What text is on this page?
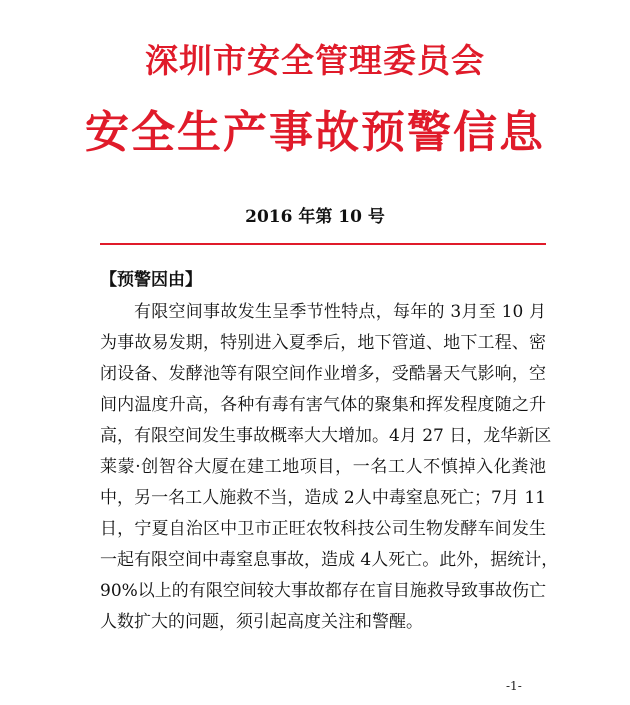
深圳市安全管理委员会
安全生产事故预警信息
2016 年第 10 号
【预警因由】
有限空间事故发生呈季节性特点，每年的 3月至 10 月
为事故易发期，特别进入夏季后，地下管道、地下工程、密
闭设备、发酵池等有限空间作业增多，受酷暑天气影响，空
间内温度升高，各种有毒有害气体的聚集和挥发程度随之升
高，有限空间发生事故概率大大增加。4月 27 日，龙华新区
莱蒙·创智谷大厦在建工地项目，一名工人不慎掉入化粪池
中，另一名工人施救不当，造成 2人中毒窒息死亡；7月 11
日，宁夏自治区中卫市正旺农牧科技公司生物发酵车间发生
一起有限空间中毒窒息事故，造成 4人死亡。此外，据统计，
90%以上的有限空间较大事故都存在盲目施救导致事故伤亡
人数扩大的问题，须引起高度关注和警醒。
-1-
